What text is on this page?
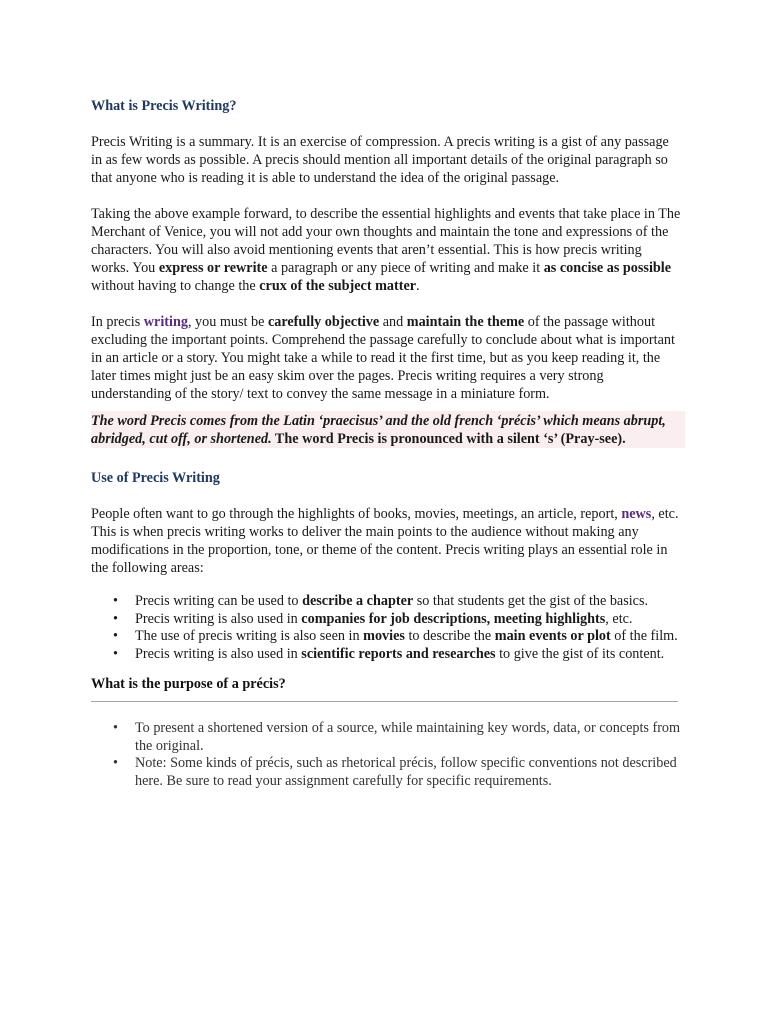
What is Precis Writing?

Precis Writing is a summary. It is an exercise of compression. A precis writing is a gist of any passage in as few words as possible. A precis should mention all important details of the original paragraph so that anyone who is reading it is able to understand the idea of the original passage.

Taking the above example forward, to describe the essential highlights and events that take place in The Merchant of Venice, you will not add your own thoughts and maintain the tone and expressions of the characters. You will also avoid mentioning events that aren’t essential. This is how precis writing works. You express or rewrite a paragraph or any piece of writing and make it as concise as possible without having to change the crux of the subject matter.

In precis writing, you must be carefully objective and maintain the theme of the passage without excluding the important points. Comprehend the passage carefully to conclude about what is important in an article or a story. You might take a while to read it the first time, but as you keep reading it, the later times might just be an easy skim over the pages. Precis writing requires a very strong understanding of the story/ text to convey the same message in a miniature form.

The word Precis comes from the Latin ‘praecisus’ and the old french ‘précis’ which means abrupt, abridged, cut off, or shortened. The word Precis is pronounced with a silent ‘s’ (Pray-see).
Use of Precis Writing

People often want to go through the highlights of books, movies, meetings, an article, report, news, etc. This is when precis writing works to deliver the main points to the audience without making any modifications in the proportion, tone, or theme of the content. Precis writing plays an essential role in the following areas:

• Precis writing can be used to describe a chapter so that students get the gist of the basics.
• Precis writing is also used in companies for job descriptions, meeting highlights, etc.
• The use of precis writing is also seen in movies to describe the main events or plot of the film.
• Precis writing is also used in scientific reports and researches to give the gist of its content.
What is the purpose of a précis?
• To present a shortened version of a source, while maintaining key words, data, or concepts from the original.
• Note: Some kinds of précis, such as rhetorical précis, follow specific conventions not described here. Be sure to read your assignment carefully for specific requirements.
